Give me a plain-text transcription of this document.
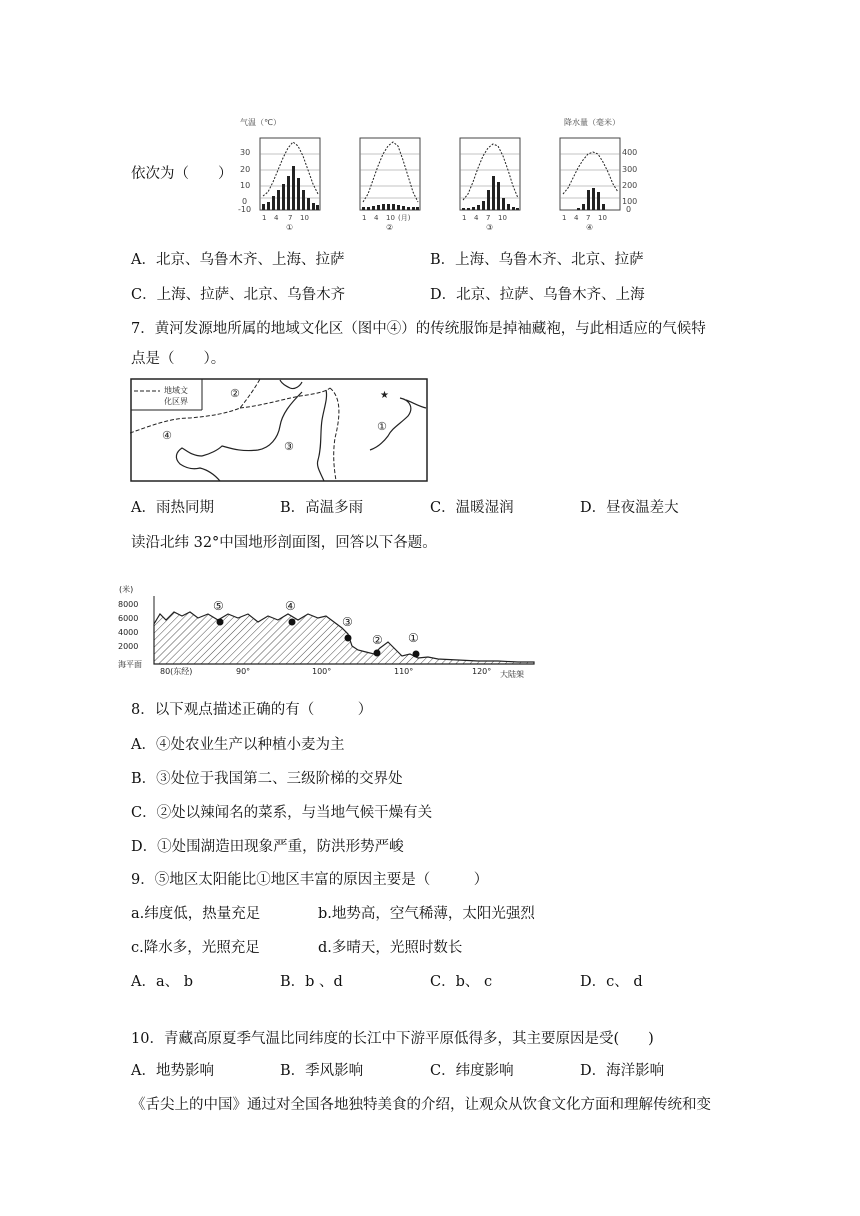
依次为（　　）
气温（℃）	降水量（毫米）
30
20
10
0
-10
400
300
200
100
0
1 4 7 10
①
1 4 10 (月)
②
1 4 7 10
③
1 4 7 10
④
A．北京、乌鲁木齐、上海、拉萨	B．上海、乌鲁木齐、北京、拉萨
C．上海、拉萨、北京、乌鲁木齐	D．北京、拉萨、乌鲁木齐、上海
7．黄河发源地所属的地域文化区（图中④）的传统服饰是掉袖藏袍，与此相适应的气候特
点是（　　）。
地域文
化区界
②
④
③
①
★
A．雨热同期	B．高温多雨	C．温暖湿润	D．昼夜温差大
读沿北纬 32°中国地形剖面图，回答以下各题。
(米)
8000
6000
4000
2000
海平面
80(东经)	90°	100°	110°	120° 大陆架
⑤	④
③
② ①
8．以下观点描述正确的有（　　　）
A．④处农业生产以种植小麦为主
B．③处位于我国第二、三级阶梯的交界处
C．②处以辣闻名的菜系，与当地气候干燥有关
D．①处围湖造田现象严重，防洪形势严峻
9．⑤地区太阳能比①地区丰富的原因主要是（　　　）
a.纬度低，热量充足	b.地势高，空气稀薄，太阳光强烈
c.降水多，光照充足	d.多晴天，光照时数长
A．a、 b	B．b 、d	C．b、 c	D．c、 d
10．青藏高原夏季气温比同纬度的长江中下游平原低得多，其主要原因是受(　　)
A．地势影响	B．季风影响	C．纬度影响	D．海洋影响
《舌尖上的中国》通过对全国各地独特美食的介绍，让观众从饮食文化方面和理解传统和变
